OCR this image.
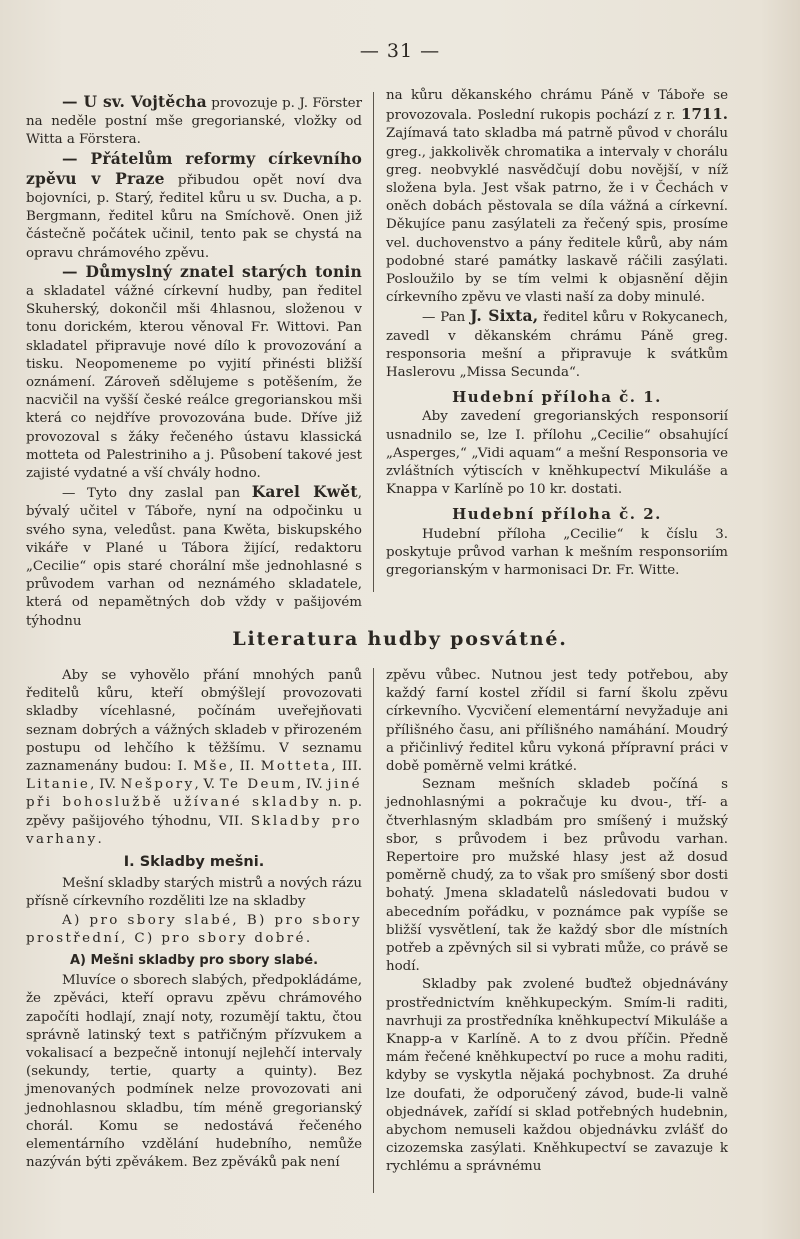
— 31 —

— U sv. Vojtěcha provozuje p. J. Förster na neděle postní mše gregorianské, vložky od Witta a Förstera.

— Přátelům reformy církevního zpěvu v Praze přibudou opět noví dva bojovníci, p. Starý, ředitel kůru u sv. Ducha, a p. Bergmann, ředitel kůru na Smíchově. Onen již částečně počátek učinil, tento pak se chystá na opravu chrámového zpěvu.

— Důmyslný znatel starých tonin a skladatel vážné církevní hudby, pan ředitel Skuherský, dokončil mši 4hlasnou, složenou v tonu dorickém, kterou věnoval Fr. Wittovi. Pan skladatel připravuje nové dílo k provozování a tisku. Neopomeneme po vyjití přinésti bližší oznámení. Zároveň sdělujeme s potěšením, že nacvičil na vyšší české reálce gregorianskou mši která co nejdříve provozována bude. Dříve již provozoval s žáky řečeného ústavu klassická motteta od Palestriniho a j. Působení takové jest zajisté vydatné a vší chvály hodno.

— Tyto dny zaslal pan Karel Kwět, bývalý učitel v Táboře, nyní na odpočinku u svého syna, veledůst. pana Kwěta, biskupského vikáře v Plané u Tábora žijící, redaktoru „Cecilie“ opis staré chorální mše jednohlasné s průvodem varhan od neznámého skladatele, která od nepamětných dob vždy v pašijovém týhodnu

na kůru děkanského chrámu Páně v Táboře se provozovala. Poslední rukopis pochází z r. 1711. Zajímavá tato skladba má patrně původ v chorálu greg., jakkolivěk chromatika a intervaly v chorálu greg. neobvyklé nasvědčují dobu novější, v níž složena byla. Jest však patrno, že i v Čechách v oněch dobách pěstovala se díla vážná a církevní. Děkujíce panu zasýlateli za řečený spis, prosíme vel. duchovenstvo a pány ředitele kůrů, aby nám podobné staré památky laskavě ráčili zasýlati. Posloužilo by se tím velmi k objasnění dějin církevního zpěvu ve vlasti naší za doby minulé.

— Pan J. Sixta, ředitel kůru v Rokycanech, zavedl v děkanském chrámu Páně greg. responsoria mešní a připravuje k svátkům Haslerovu „Missa Secunda“.

Hudební příloha č. 1.

Aby zavedení gregorianských responsorií usnadnilo se, lze I. přílohu „Cecilie“ obsahující „Asperges,“ „Vidi aquam“ a mešní Responsoria ve zvláštních výtiscích v kněhkupectví Mikuláše a Knappa v Karlíně po 10 kr. dostati.

Hudební příloha č. 2.

Hudební příloha „Cecilie“ k číslu 3. poskytuje průvod varhan k mešním responsoriím gregorianským v harmonisaci Dr. Fr. Witte.

Literatura hudby posvátné.

Aby se vyhovělo přání mnohých panů ředitelů kůru, kteří obmýšlejí provozovati skladby vícehlasné, počínám uveřejňovati seznam dobrých a vážných skladeb v přirozeném postupu od lehčího k těžšímu. V seznamu zaznamenány budou: I. Mše, II. Motteta, III. Litanie, IV. Nešpory, V. Te Deum, IV. jiné při bohoslužbě užívané skladby n. p. zpěvy pašijového týhodnu, VII. Skladby pro varhany.

I. Skladby mešni.

Mešní skladby starých mistrů a nových rázu přísně církevního rozděliti lze na skladby

A) pro sbory slabé, B) pro sbory prostřední, C) pro sbory dobré.

A) Mešni skladby pro sbory slabé.

Mluvíce o sborech slabých, předpokládáme, že zpěváci, kteří opravu zpěvu chrámového započíti hodlají, znají noty, rozumějí taktu, čtou správně latinský text s patřičným přízvukem a vokalisací a bezpečně intonují nejlehčí intervaly (sekundy, tertie, quarty a quinty). Bez jmenovaných podmínek nelze provozovati ani jednohlasnou skladbu, tím méně gregorianský chorál. Komu se nedostává řečeného elementárního vzdělání hudebního, nemůže nazýván býti zpěvákem. Bez zpěváků pak není

zpěvu vůbec. Nutnou jest tedy potřebou, aby každý farní kostel zřídil si farní školu zpěvu církevního. Vycvičení elementární nevyžaduje ani přílišného času, ani přílišného namáhání. Moudrý a přičinlivý ředitel kůru vykoná přípravní práci v době poměrně velmi krátké.

Seznam mešních skladeb počíná s jednohlasnými a pokračuje ku dvou-, tří- a čtverhlasným skladbám pro smíšený i mužský sbor, s průvodem i bez průvodu varhan. Repertoire pro mužské hlasy jest až dosud poměrně chudý, za to však pro smíšený sbor dosti bohatý. Jmena skladatelů následovati budou v abecedním pořádku, v poznámce pak vypíše se bližší vysvětlení, tak že každý sbor dle místních potřeb a zpěvných sil si vybrati může, co právě se hodí.

Skladby pak zvolené buďtež objednávány prostřednictvím kněhkupeckým. Smím-li raditi, navrhuji za prostředníka kněhkupectví Mikuláše a Knapp-a v Karlíně. A to z dvou příčin. Předně mám řečené kněhkupectví po ruce a mohu raditi, kdyby se vyskytla nějaká pochybnost. Za druhé lze doufati, že odporučený závod, bude-li valně objednávek, zařídí si sklad potřebných hudebnin, abychom nemuseli každou objednávku zvlášť do cizozemska zasýlati. Kněhkupectví se zavazuje k rychlému a správnému
